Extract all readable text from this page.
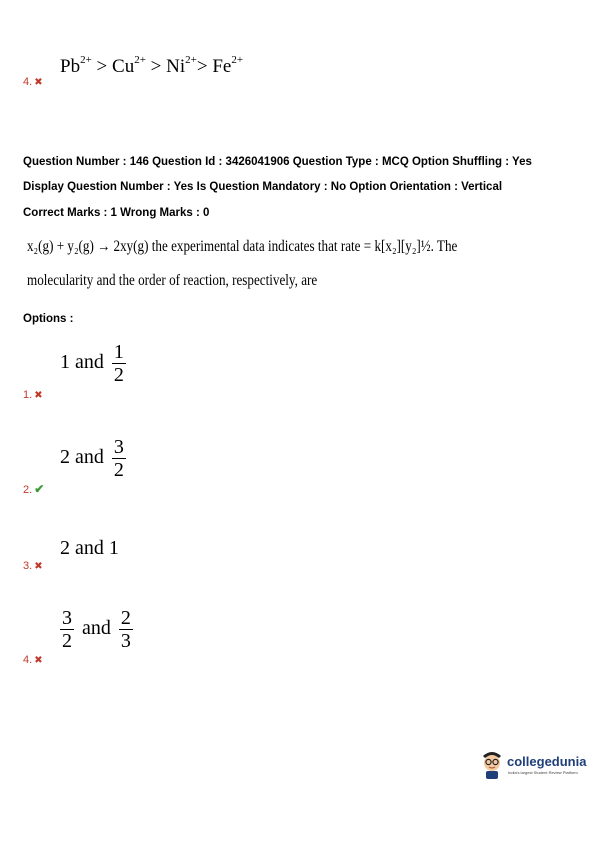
$Pb^{2+} > Cu^{2+} > Ni^{2+}> Fe^{2+}$
4. ✖
Question Number : 146 Question Id : 3426041906 Question Type : MCQ Option Shuffling : Yes
Display Question Number : Yes Is Question Mandatory : No Option Orientation : Vertical
Correct Marks : 1 Wrong Marks : 0
x₂(g) + y₂(g) → 2xy(g) the experimental data indicates that rate = k[x₂][y₂]½. The
molecularity and the order of reaction, respectively, are
Options :
1 and $\frac{1}{2}$
1. ✖
2 and $\frac{3}{2}$
2. ✔
2 and 1
3. ✖
$\frac{3}{2}$ and $\frac{2}{3}$
4. ✖
collegedunia
India's largest Student Review Platform
